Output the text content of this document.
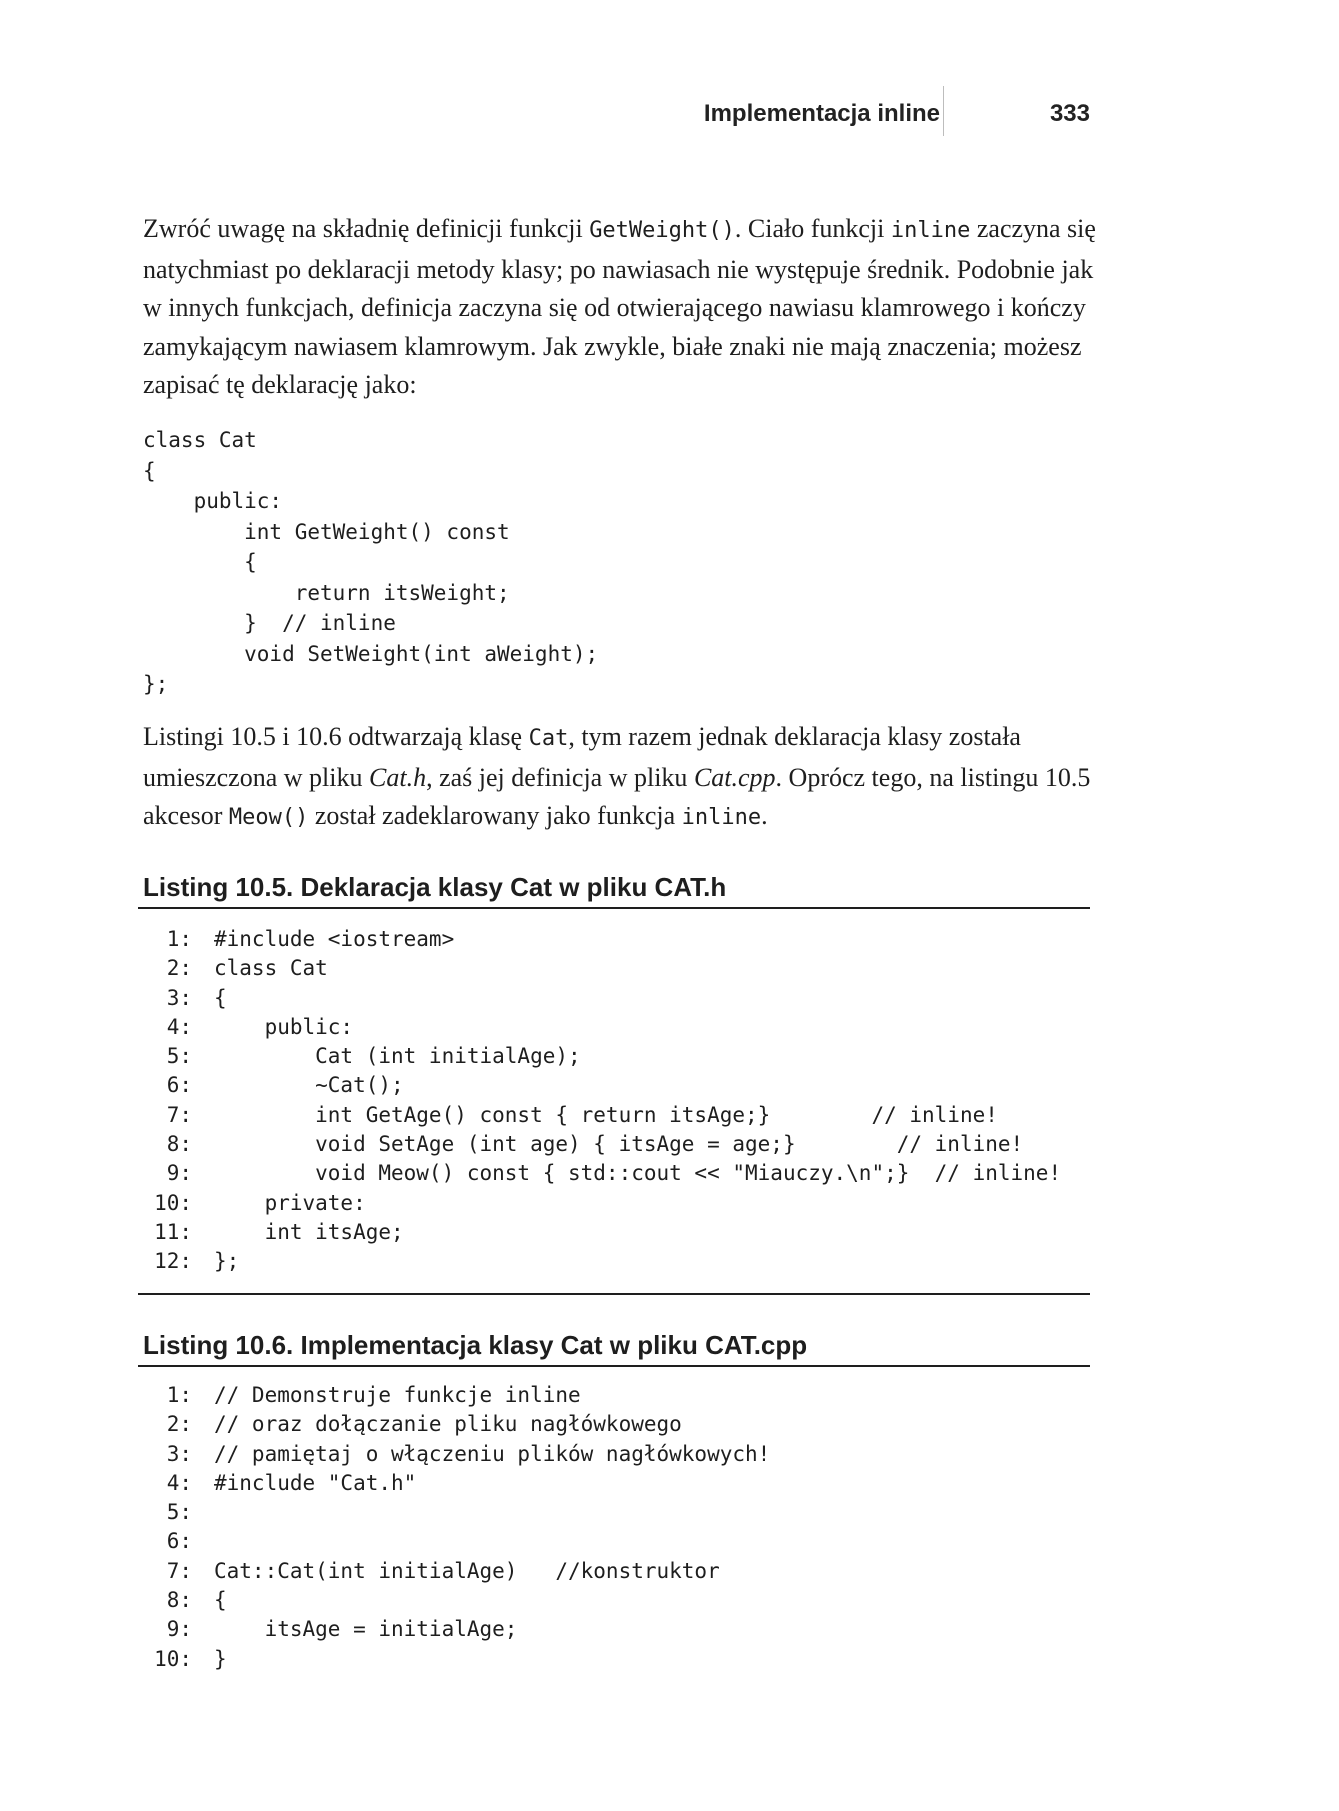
Implementacja inline	333

Zwróć uwagę na składnię definicji funkcji GetWeight(). Ciało funkcji inline zaczyna się natychmiast po deklaracji metody klasy; po nawiasach nie występuje średnik. Podobnie jak w innych funkcjach, definicja zaczyna się od otwierającego nawiasu klamrowego i kończy zamykającym nawiasem klamrowym. Jak zwykle, białe znaki nie mają znaczenia; możesz zapisać tę deklarację jako:

class Cat
{
public:
int GetWeight() const
{
return itsWeight;
}  // inline
void SetWeight(int aWeight);
};

Listingi 10.5 i 10.6 odtwarzają klasę Cat, tym razem jednak deklaracja klasy została umieszczona w pliku Cat.h, zaś jej definicja w pliku Cat.cpp. Oprócz tego, na listingu 10.5 akcesor Meow() został zadeklarowany jako funkcja inline.

Listing 10.5. Deklaracja klasy Cat w pliku CAT.h
1: #include <iostream>
2: class Cat
3: {
4:    public:
5:        Cat (int initialAge);
6:        ~Cat();
7:        int GetAge() const { return itsAge;}        // inline!
8:        void SetAge (int age) { itsAge = age;}        // inline!
9:        void Meow() const { std::cout << "Miauczy.\n";}  // inline!
10:    private:
11:    int itsAge;
12: };
Listing 10.6. Implementacja klasy Cat w pliku CAT.cpp
1: // Demonstruje funkcje inline
2: // oraz dołączanie pliku nagłówkowego
3: // pamiętaj o włączeniu plików nagłówkowych!
4: #include "Cat.h"
5:
6:
7: Cat::Cat(int initialAge)   //konstruktor
8: {
9:    itsAge = initialAge;
10: }
